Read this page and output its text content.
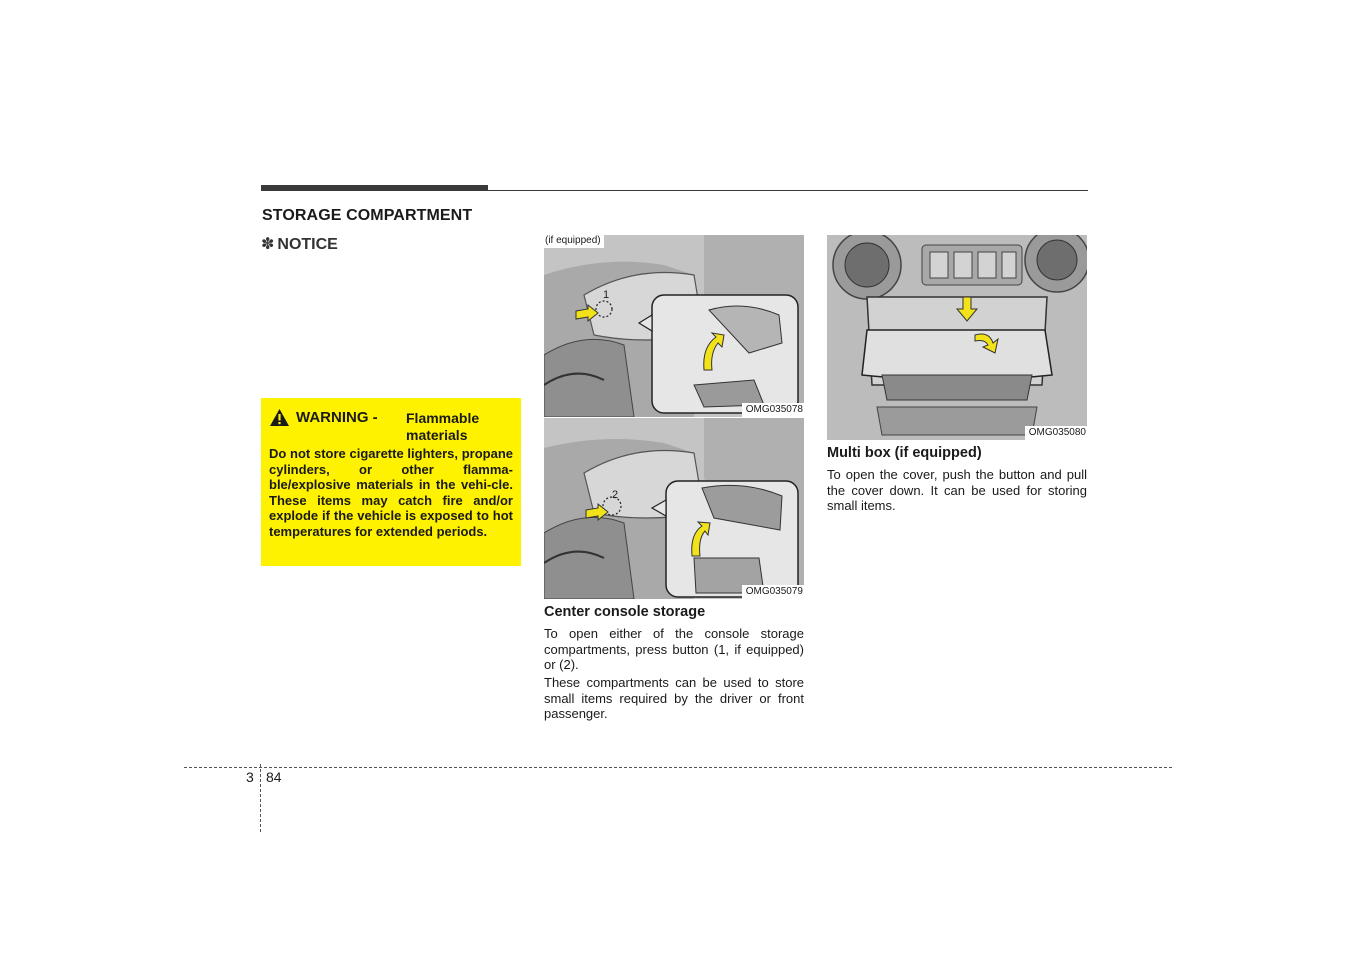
STORAGE COMPARTMENT
✽ NOTICE
WARNING - Flammable materials
Do not store cigarette lighters, propane cylinders, or other flamma-ble/explosive materials in the vehi-cle. These items may catch fire and/or explode if the vehicle is exposed to hot temperatures for extended periods.
(if equipped)
1
OMG035078
2
OMG035079
OMG035080
Center console storage
To open either of the console storage compartments, press button (1, if equipped) or (2).
These compartments can be used to store small items required by the driver or front passenger.
Multi box (if equipped)
To open the cover, push the button and pull the cover down. It can be used for storing small items.
3 84
